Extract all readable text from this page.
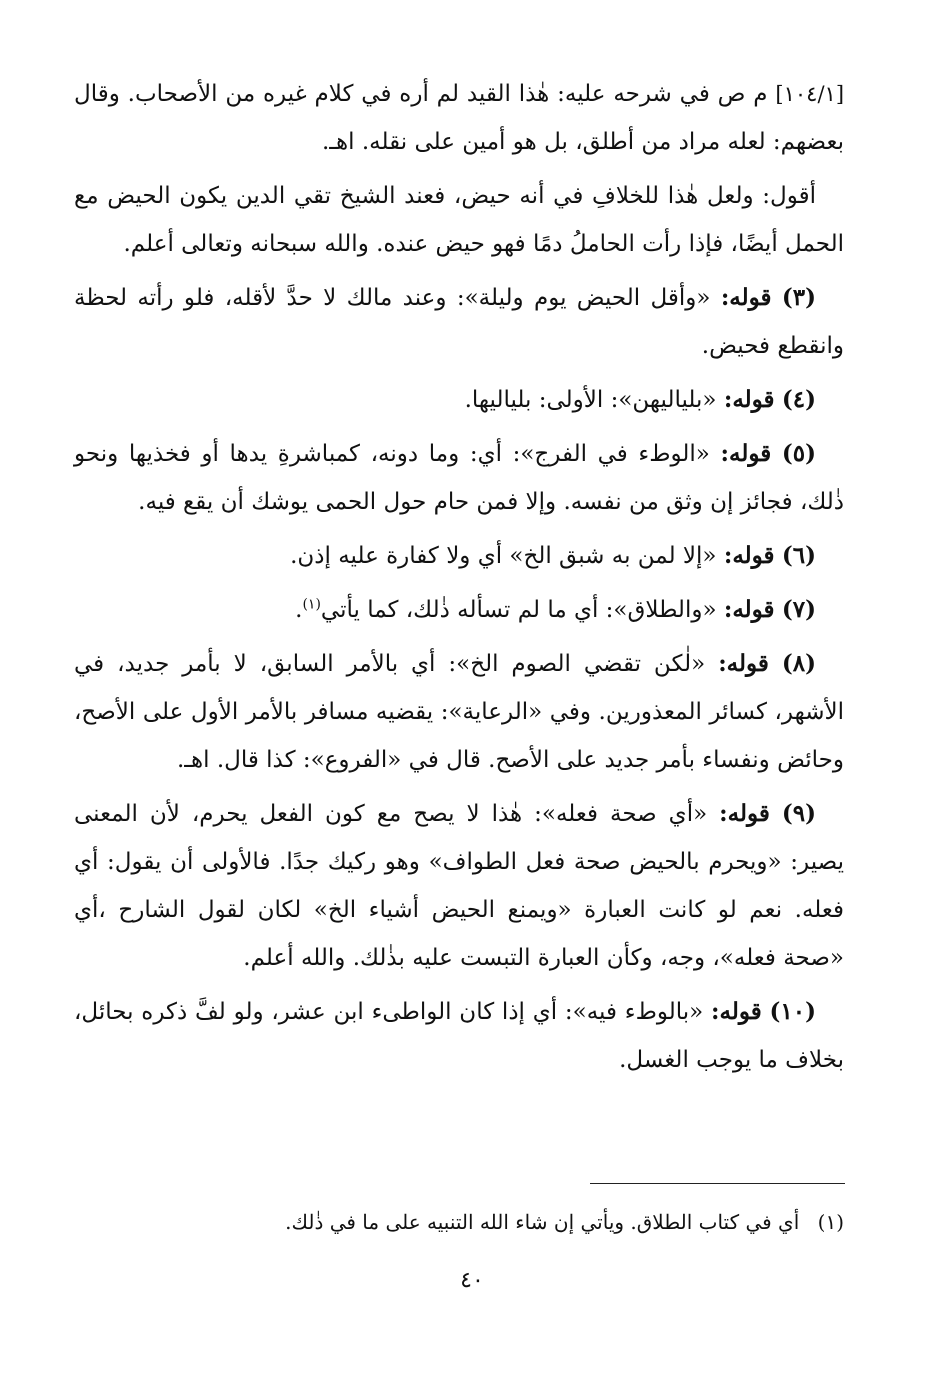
[١٠٤/١] م ص في شرحه عليه: هٰذا القيد لم أره في كلام غيره من الأصحاب. وقال بعضهم: لعله مراد من أطلق، بل هو أمين على نقله. اهـ.

أقول: ولعل هٰذا للخلافِ في أنه حيض، فعند الشيخ تقي الدين يكون الحيض مع الحمل أيضًا، فإذا رأت الحاملُ دمًا فهو حيض عنده. والله سبحانه وتعالى أعلم.

(٣) قوله: «وأقل الحيض يوم وليلة»: وعند مالك لا حدَّ لأقله، فلو رأته لحظة وانقطع فحيض.

(٤) قوله: «بلياليهن»: الأولى: بلياليها.

(٥) قوله: «الوطء في الفرج»: أي: وما دونه، كمباشرةِ يدها أو فخذيها ونحو ذٰلك، فجائز إن وثق من نفسه. وإلا فمن حام حول الحمى يوشك أن يقع فيه.

(٦) قوله: «إلا لمن به شبق الخ» أي ولا كفارة عليه إذن.

(٧) قوله: «والطلاق»: أي ما لم تسأله ذٰلك، كما يأتي$^{(١)}$.

(٨) قوله: «لٰكن تقضي الصوم الخ»: أي بالأمر السابق، لا بأمر جديد، في الأشهر، كسائر المعذورين. وفي «الرعاية»: يقضيه مسافر بالأمر الأول على الأصح، وحائض ونفساء بأمر جديد على الأصح. قال في «الفروع»: كذا قال. اهـ.

(٩) قوله: «أي صحة فعله»: هٰذا لا يصح مع كون الفعل يحرم، لأن المعنى يصير: «ويحرم بالحيض صحة فعل الطواف» وهو ركيك جدًا. فالأولى أن يقول: أي فعله. نعم لو كانت العبارة «ويمنع الحيض أشياء الخ» لكان لقول الشارح ،أي «صحة فعله»، وجه، وكأن العبارة التبست عليه بذٰلك. والله أعلم.

(١٠) قوله: «بالوطء فيه»: أي إذا كان الواطىء ابن عشر، ولو لفَّ ذكره بحائل، بخلاف ما يوجب الغسل.

(١) أي في كتاب الطلاق. ويأتي إن شاء الله التنبيه على ما في ذٰلك.
٤٠
